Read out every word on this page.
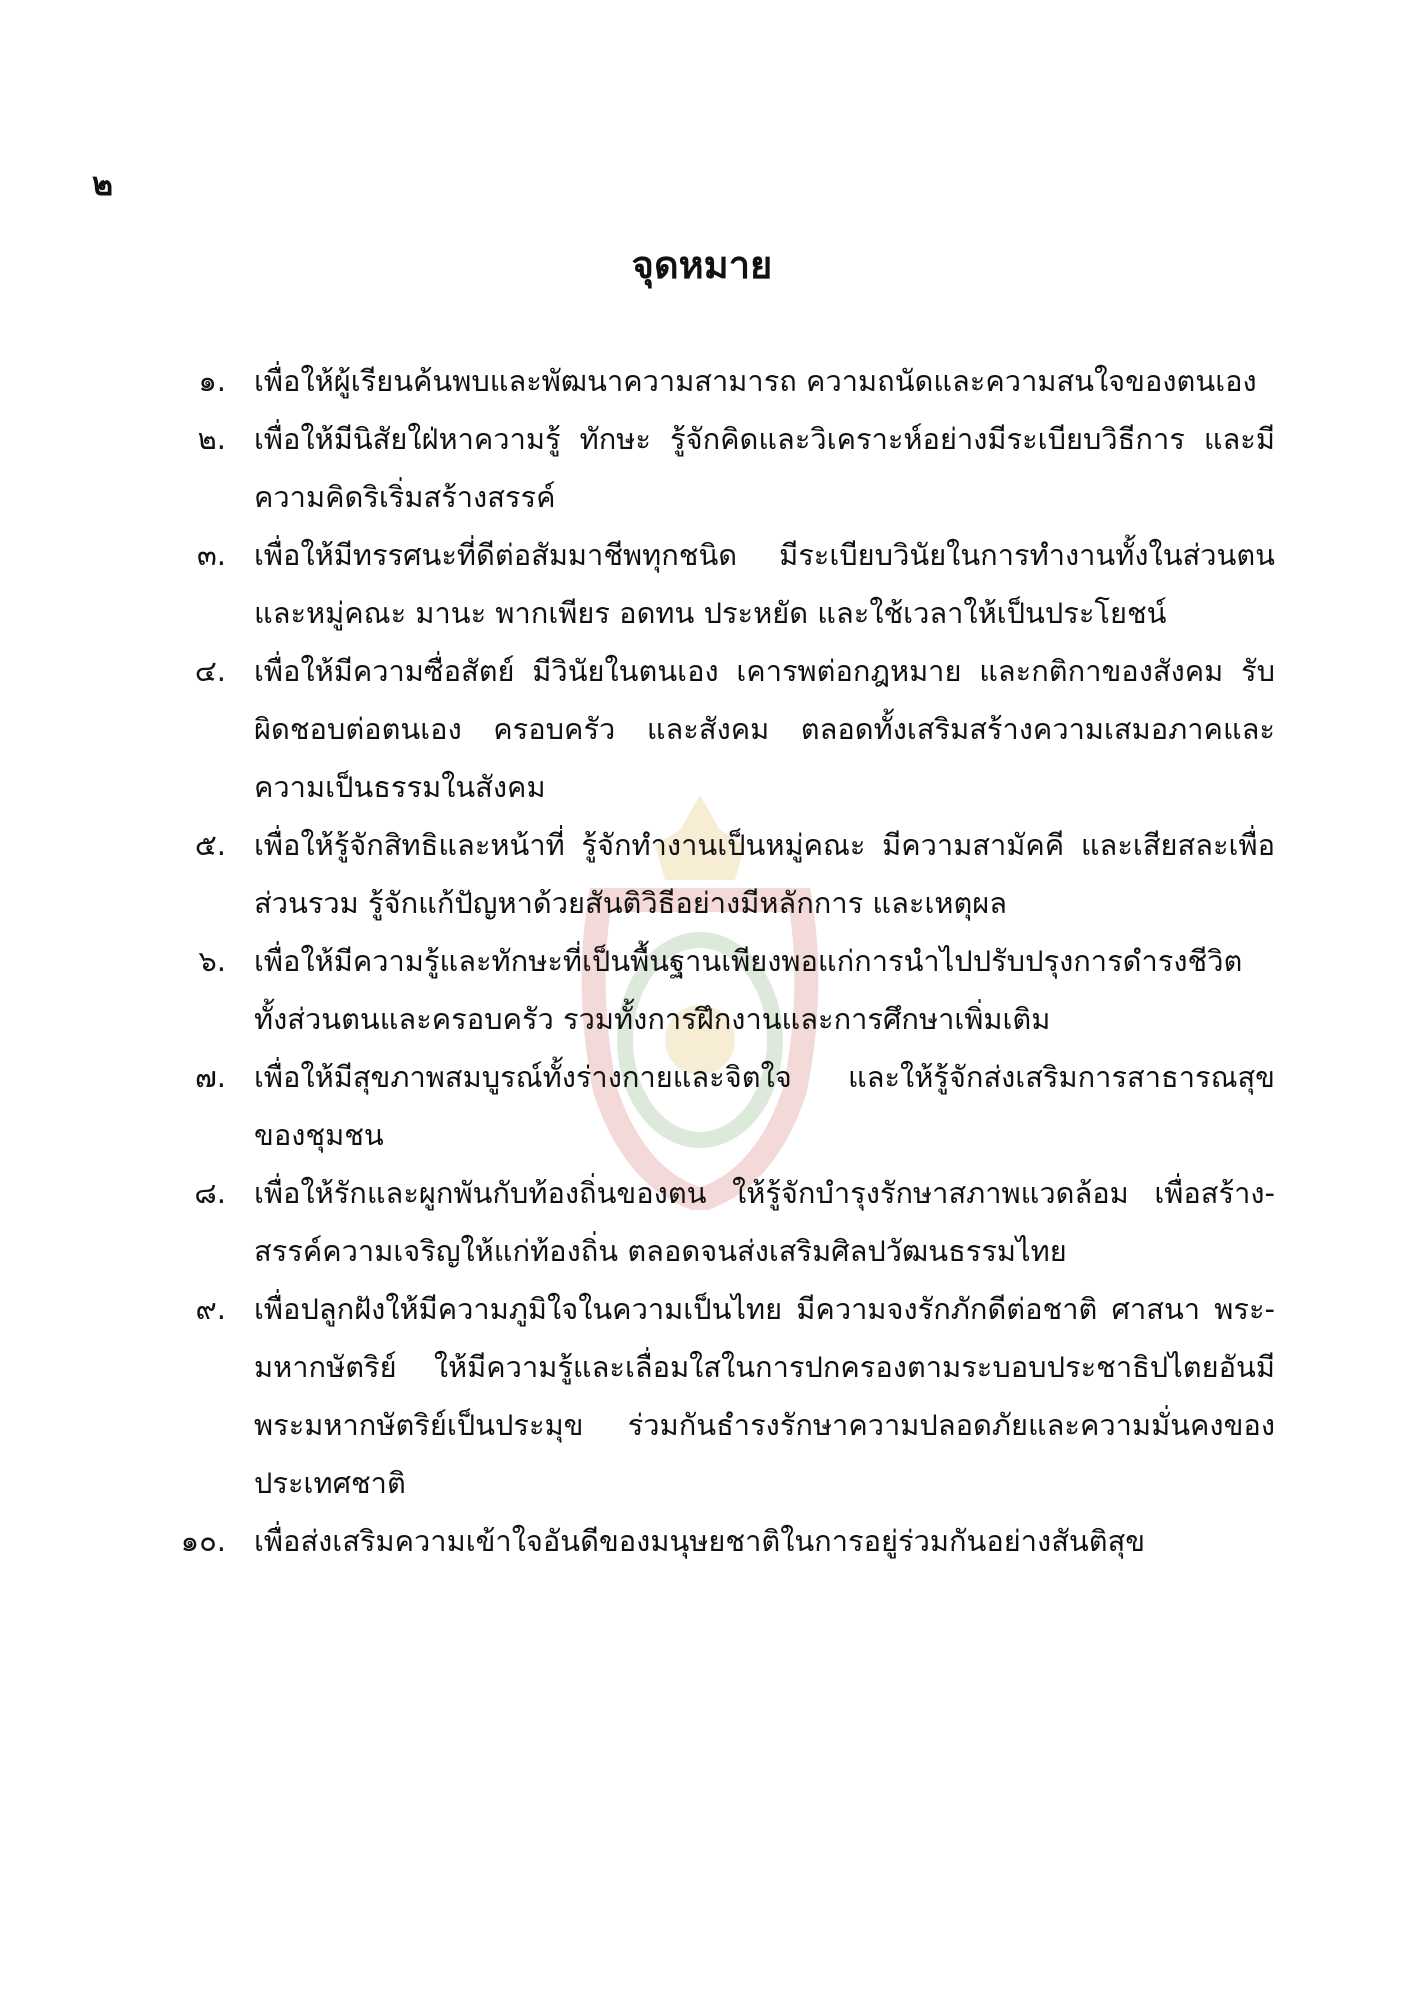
๒
จุดหมาย
๑. เพื่อให้ผู้เรียนค้นพบและพัฒนาความสามารถ ความถนัดและความสนใจของตนเอง
๒. เพื่อให้มีนิสัยใฝ่หาความรู้ ทักษะ รู้จักคิดและวิเคราะห์อย่างมีระเบียบวิธีการ และมีความคิดริเริ่มสร้างสรรค์
๓. เพื่อให้มีทรรศนะที่ดีต่อสัมมาชีพทุกชนิด มีระเบียบวินัยในการทำงานทั้งในส่วนตนและหมู่คณะ มานะ พากเพียร อดทน ประหยัด และใช้เวลาให้เป็นประโยชน์
๔. เพื่อให้มีความซื่อสัตย์ มีวินัยในตนเอง เคารพต่อกฎหมาย และกติกาของสังคม รับผิดชอบต่อตนเอง ครอบครัว และสังคม ตลอดทั้งเสริมสร้างความเสมอภาคและความเป็นธรรมในสังคม
๕. เพื่อให้รู้จักสิทธิและหน้าที่ รู้จักทำงานเป็นหมู่คณะ มีความสามัคคี และเสียสละเพื่อส่วนรวม รู้จักแก้ปัญหาด้วยสันติวิธีอย่างมีหลักการ และเหตุผล
๖. เพื่อให้มีความรู้และทักษะที่เป็นพื้นฐานเพียงพอแก่การนำไปปรับปรุงการดำรงชีวิตทั้งส่วนตนและครอบครัว รวมทั้งการฝึกงานและการศึกษาเพิ่มเติม
๗. เพื่อให้มีสุขภาพสมบูรณ์ทั้งร่างกายและจิตใจ และให้รู้จักส่งเสริมการสาธารณสุขของชุมชน
๘. เพื่อให้รักและผูกพันกับท้องถิ่นของตน ให้รู้จักบำรุงรักษาสภาพแวดล้อม เพื่อสร้าง-สรรค์ความเจริญให้แก่ท้องถิ่น ตลอดจนส่งเสริมศิลปวัฒนธรรมไทย
๙. เพื่อปลูกฝังให้มีความภูมิใจในความเป็นไทย มีความจงรักภักดีต่อชาติ ศาสนา พระ-มหากษัตริย์ ให้มีความรู้และเลื่อมใสในการปกครองตามระบอบประชาธิปไตยอันมีพระมหากษัตริย์เป็นประมุข ร่วมกันธำรงรักษาความปลอดภัยและความมั่นคงของประเทศชาติ
๑๐. เพื่อส่งเสริมความเข้าใจอันดีของมนุษยชาติในการอยู่ร่วมกันอย่างสันติสุข
